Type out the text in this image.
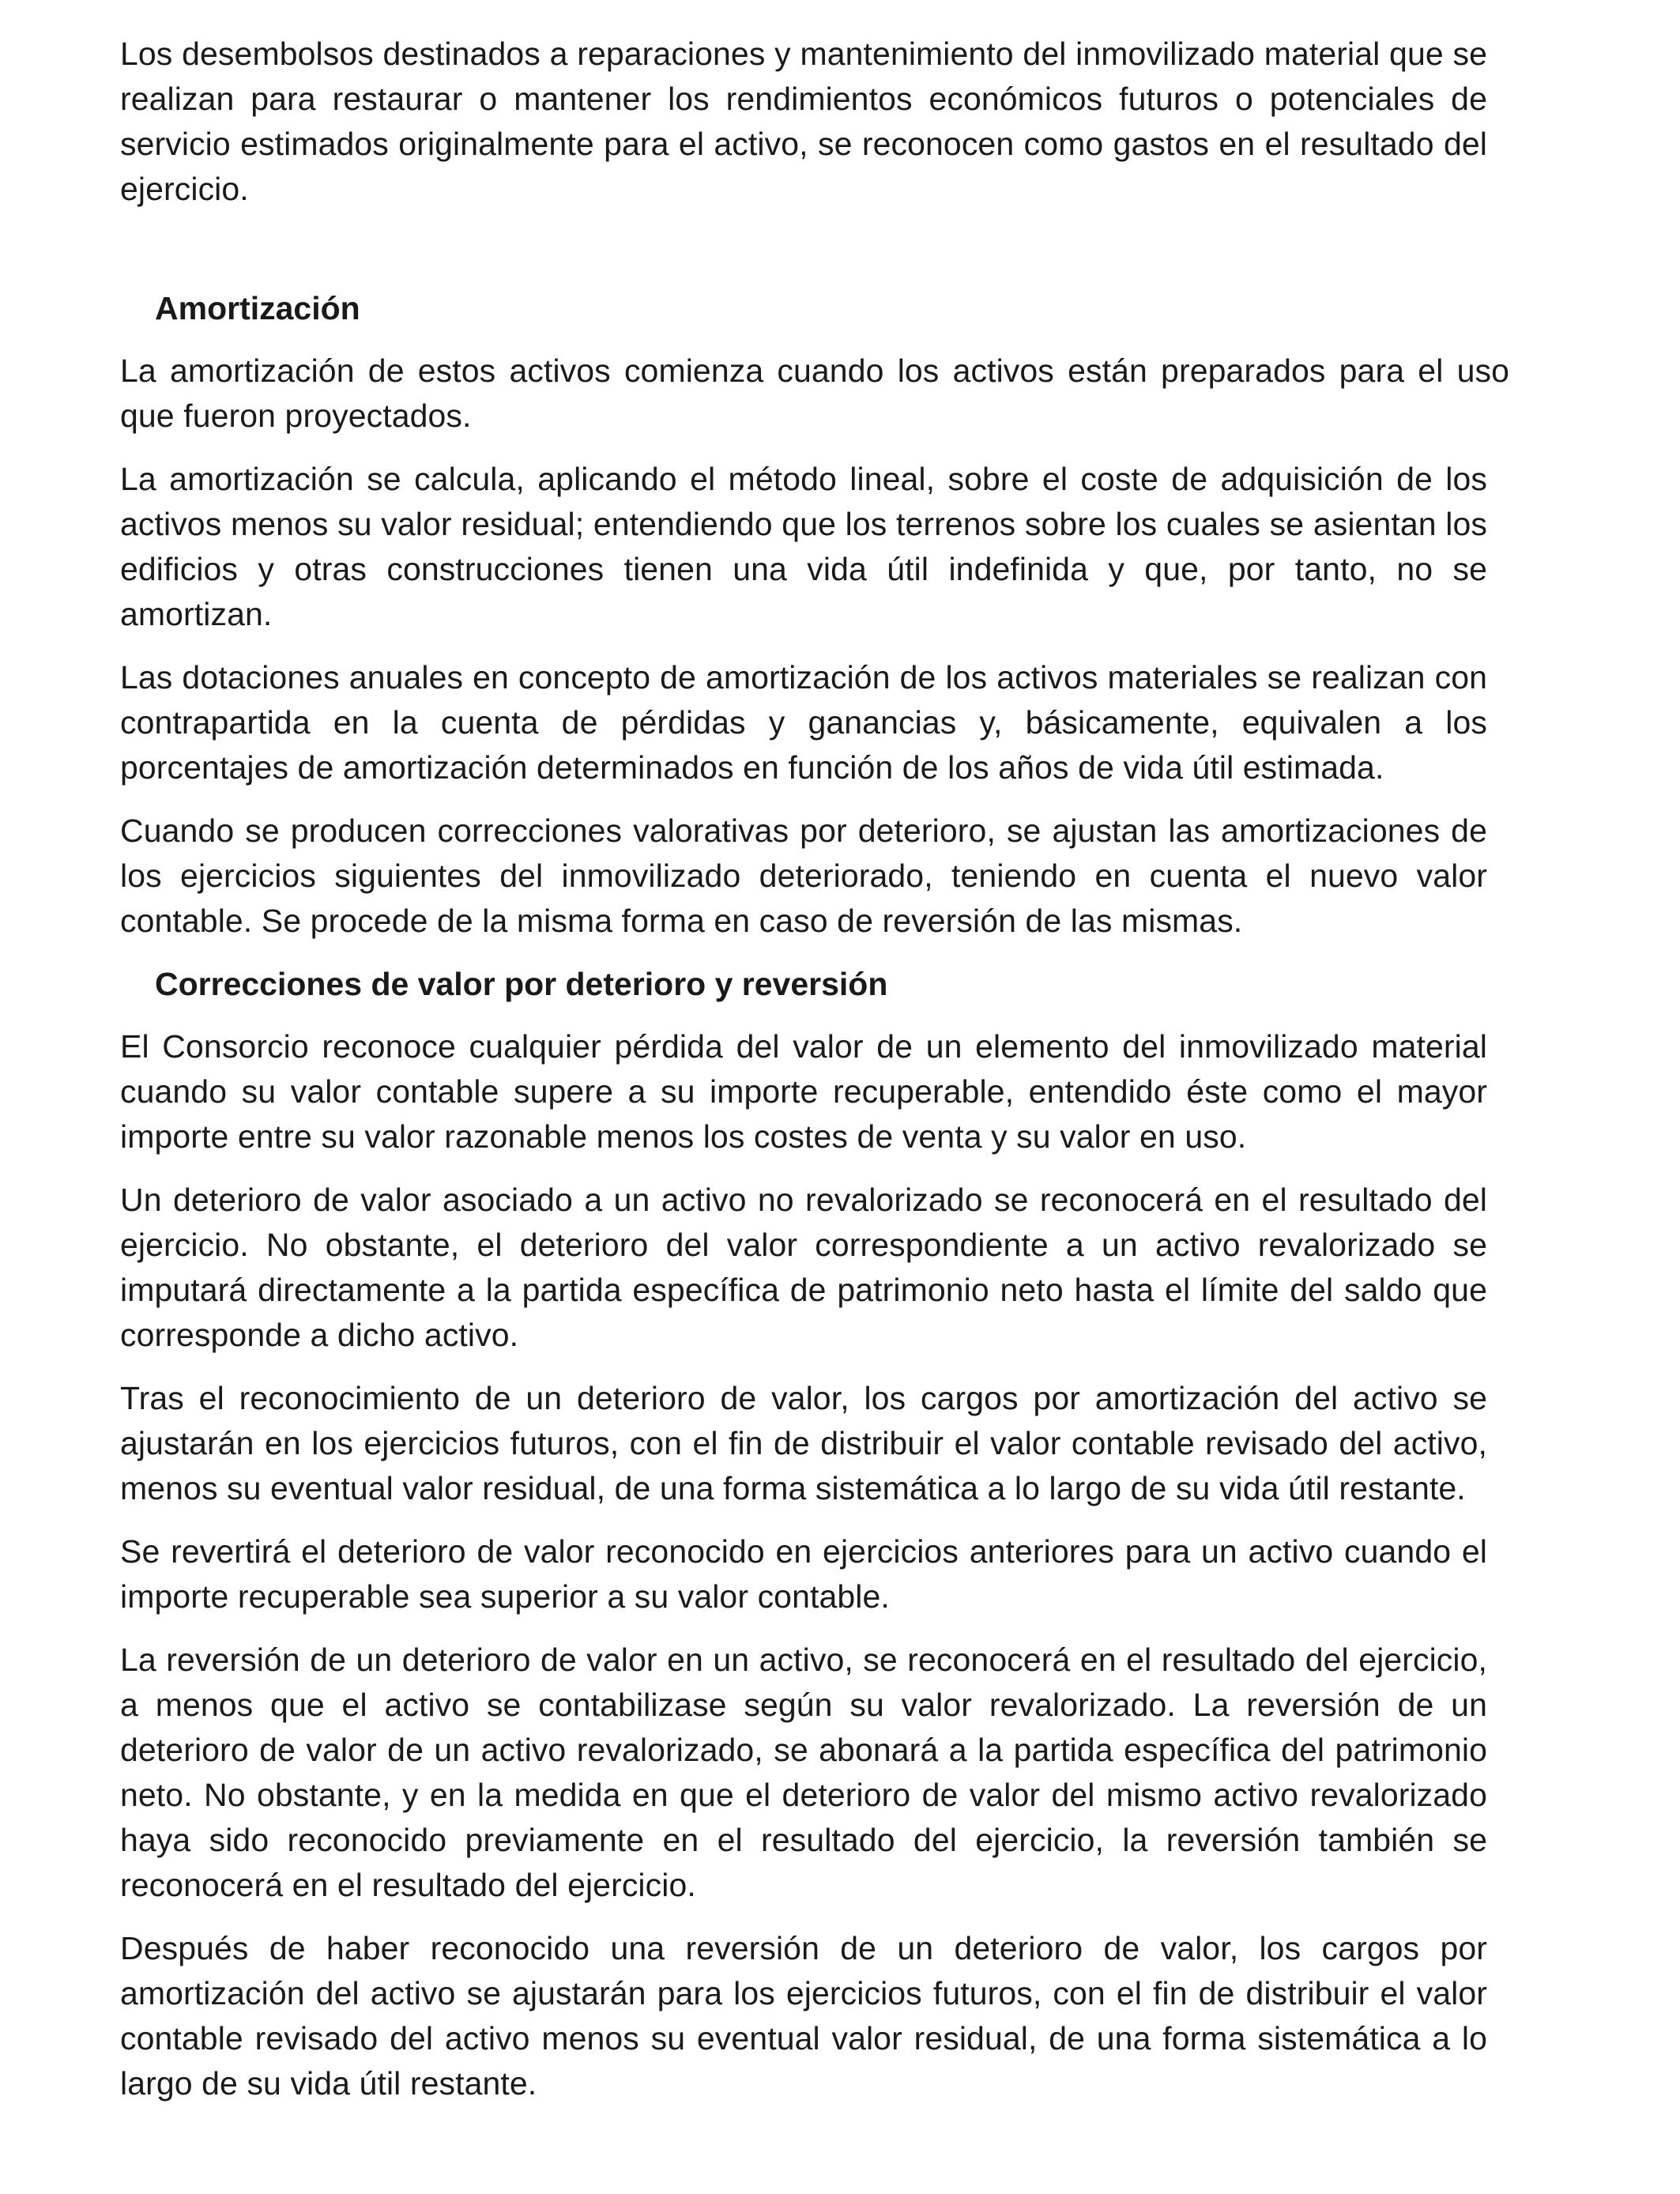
Los desembolsos destinados a reparaciones y mantenimiento del inmovilizado material que se realizan para restaurar o mantener los rendimientos económicos futuros o potenciales de servicio estimados originalmente para el activo, se reconocen como gastos en el resultado del ejercicio.

Amortización

La amortización de estos activos comienza cuando los activos están preparados para el uso que fueron proyectados.

La amortización se calcula, aplicando el método lineal, sobre el coste de adquisición de los activos menos su valor residual; entendiendo que los terrenos sobre los cuales se asientan los edificios y otras construcciones tienen una vida útil indefinida y que, por tanto, no se amortizan.

Las dotaciones anuales en concepto de amortización de los activos materiales se realizan con contrapartida en la cuenta de pérdidas y ganancias y, básicamente, equivalen a los porcentajes de amortización determinados en función de los años de vida útil estimada.

Cuando se producen correcciones valorativas por deterioro, se ajustan las amortizaciones de los ejercicios siguientes del inmovilizado deteriorado, teniendo en cuenta el nuevo valor contable. Se procede de la misma forma en caso de reversión de las mismas.

Correcciones de valor por deterioro y reversión

El Consorcio reconoce cualquier pérdida del valor de un elemento del inmovilizado material cuando su valor contable supere a su importe recuperable, entendido éste como el mayor importe entre su valor razonable menos los costes de venta y su valor en uso.

Un deterioro de valor asociado a un activo no revalorizado se reconocerá en el resultado del ejercicio. No obstante, el deterioro del valor correspondiente a un activo revalorizado se imputará directamente a la partida específica de patrimonio neto hasta el límite del saldo que corresponde a dicho activo.

Tras el reconocimiento de un deterioro de valor, los cargos por amortización del activo se ajustarán en los ejercicios futuros, con el fin de distribuir el valor contable revisado del activo, menos su eventual valor residual, de una forma sistemática a lo largo de su vida útil restante.

Se revertirá el deterioro de valor reconocido en ejercicios anteriores para un activo cuando el importe recuperable sea superior a su valor contable.

La reversión de un deterioro de valor en un activo, se reconocerá en el resultado del ejercicio, a menos que el activo se contabilizase según su valor revalorizado. La reversión de un deterioro de valor de un activo revalorizado, se abonará a la partida específica del patrimonio neto. No obstante, y en la medida en que el deterioro de valor del mismo activo revalorizado haya sido reconocido previamente en el resultado del ejercicio, la reversión también se reconocerá en el resultado del ejercicio.

Después de haber reconocido una reversión de un deterioro de valor, los cargos por amortización del activo se ajustarán para los ejercicios futuros, con el fin de distribuir el valor contable revisado del activo menos su eventual valor residual, de una forma sistemática a lo largo de su vida útil restante.
